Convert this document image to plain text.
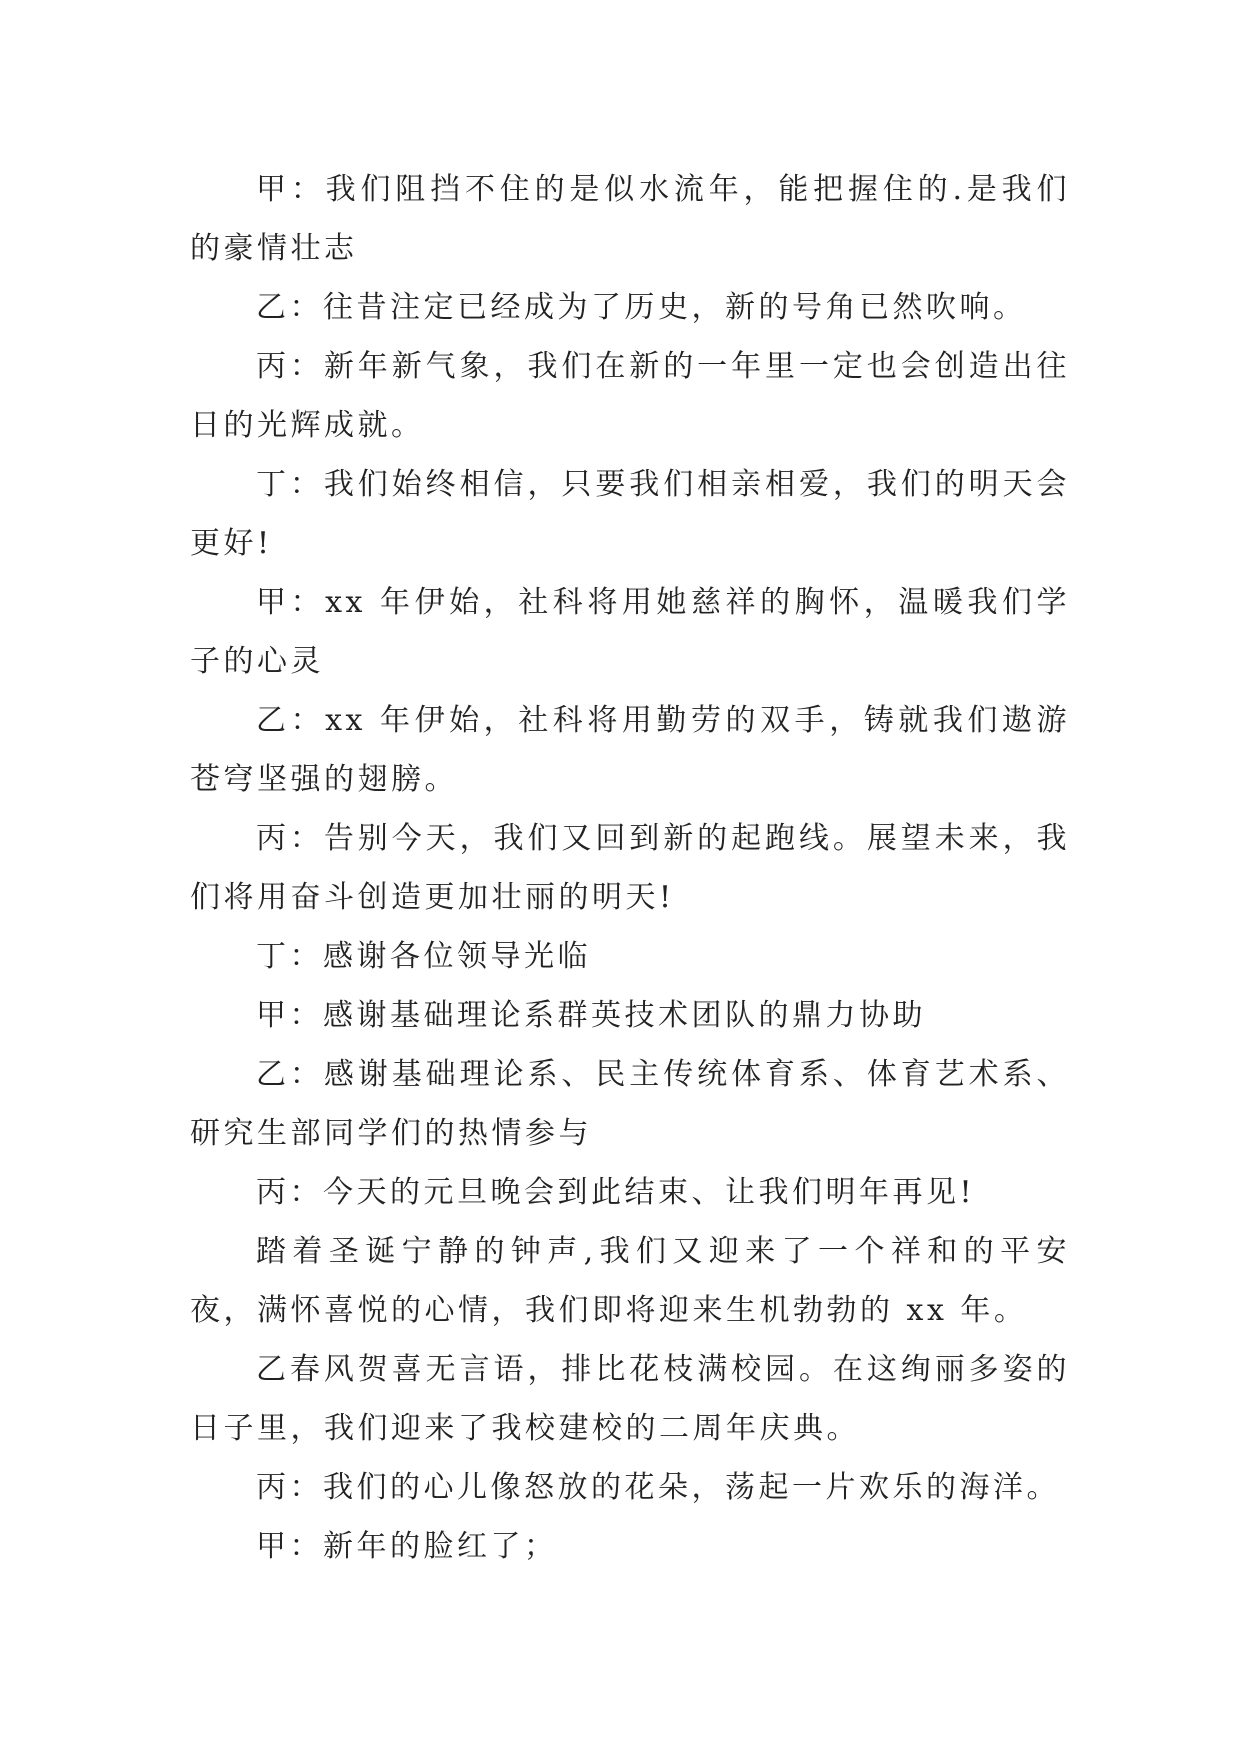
甲：我们阻挡不住的是似水流年，能把握住的.是我们的豪情壮志

乙：往昔注定已经成为了历史，新的号角已然吹响。

丙：新年新气象，我们在新的一年里一定也会创造出往日的光辉成就。

丁：我们始终相信，只要我们相亲相爱，我们的明天会更好!

甲：xx 年伊始，社科将用她慈祥的胸怀，温暖我们学子的心灵

乙：xx 年伊始，社科将用勤劳的双手，铸就我们遨游苍穹坚强的翅膀。

丙：告别今天，我们又回到新的起跑线。展望未来，我们将用奋斗创造更加壮丽的明天!

丁：感谢各位领导光临

甲：感谢基础理论系群英技术团队的鼎力协助

乙：感谢基础理论系、民主传统体育系、体育艺术系、研究生部同学们的热情参与

丙：今天的元旦晚会到此结束、让我们明年再见!

踏着圣诞宁静的钟声,我们又迎来了一个祥和的平安夜，满怀喜悦的心情，我们即将迎来生机勃勃的 xx 年。

乙春风贺喜无言语，排比花枝满校园。在这绚丽多姿的日子里，我们迎来了我校建校的二周年庆典。

丙：我们的心儿像怒放的花朵，荡起一片欢乐的海洋。

甲：新年的脸红了；
